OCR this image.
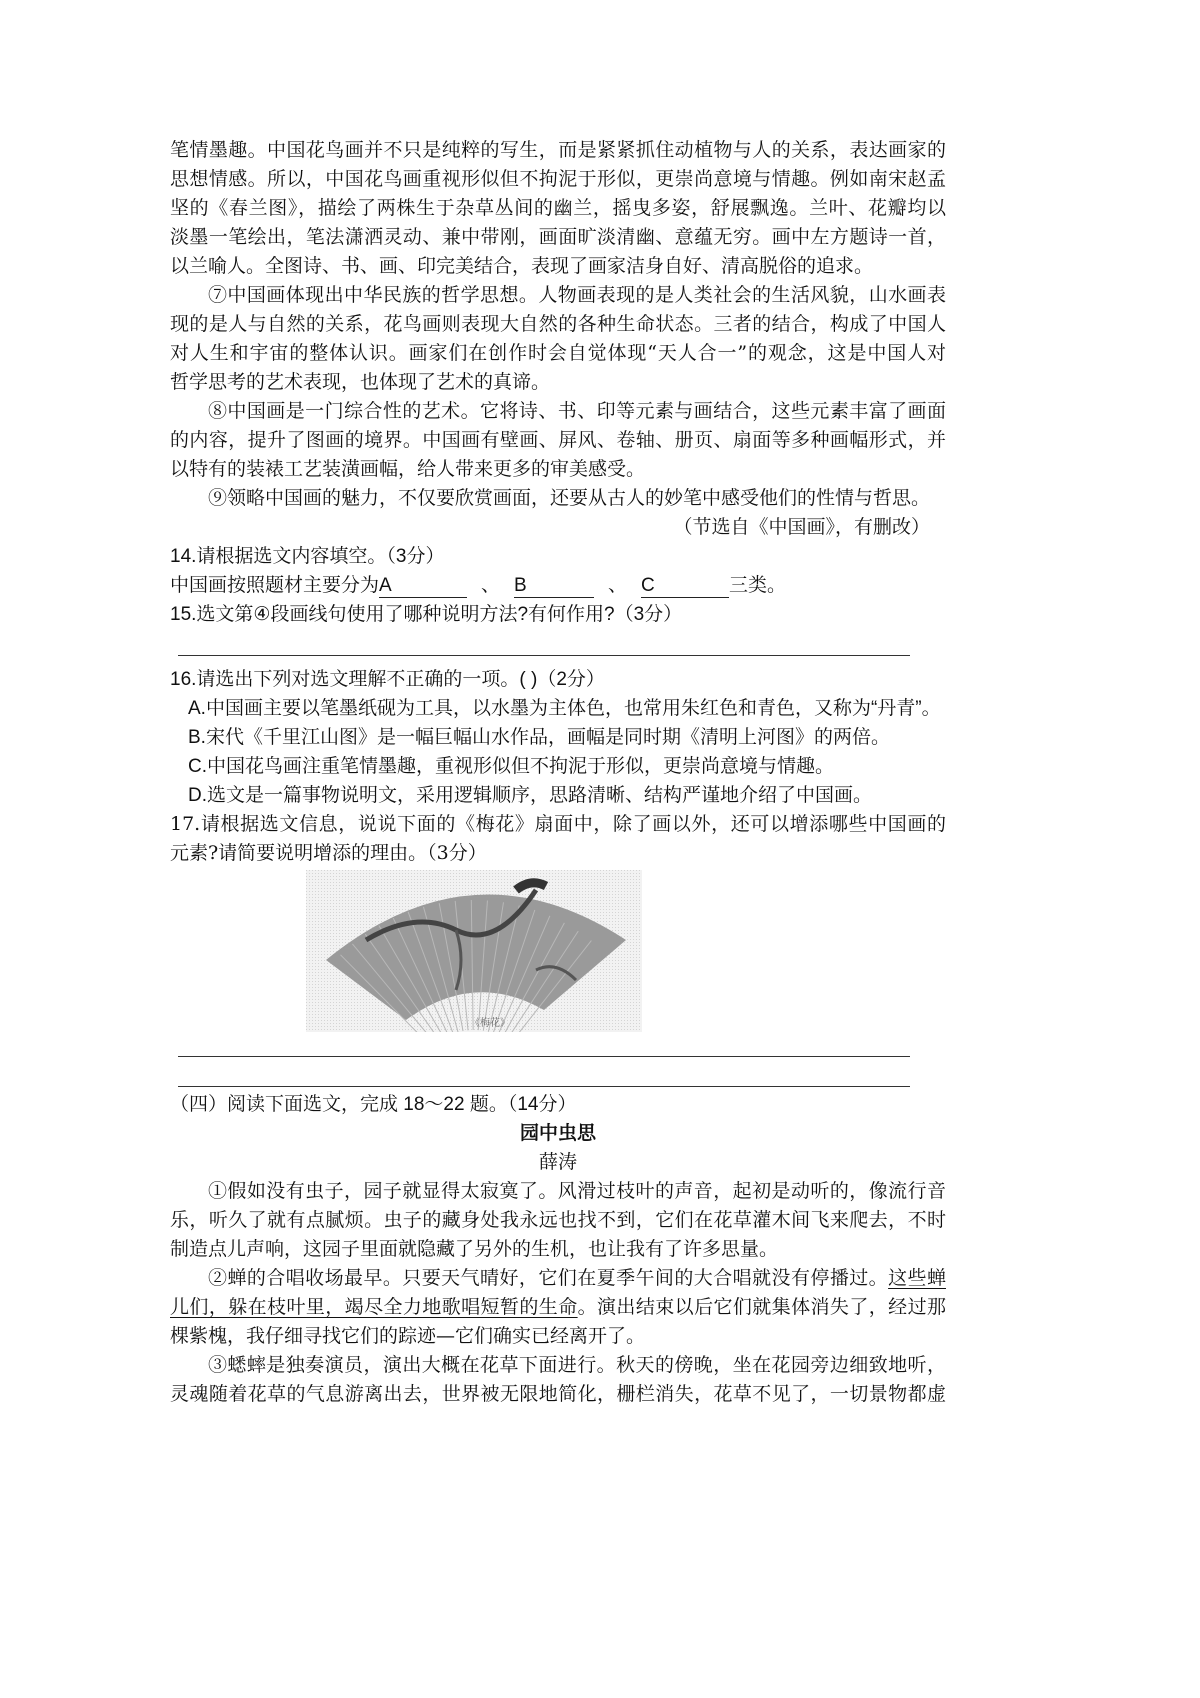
笔情墨趣。中国花鸟画并不只是纯粹的写生，而是紧紧抓住动植物与人的关系，表达画家的
思想情感。所以，中国花鸟画重视形似但不拘泥于形似，更崇尚意境与情趣。例如南宋赵孟
坚的《春兰图》，描绘了两株生于杂草丛间的幽兰，摇曳多姿，舒展飘逸。兰叶、花瓣均以
淡墨一笔绘出，笔法潇洒灵动、兼中带刚，画面旷淡清幽、意蕴无穷。画中左方题诗一首，
以兰喻人。全图诗、书、画、印完美结合，表现了画家洁身自好、清高脱俗的追求。
⑦中国画体现出中华民族的哲学思想。人物画表现的是人类社会的生活风貌，山水画表
现的是人与自然的关系，花鸟画则表现大自然的各种生命状态。三者的结合，构成了中国人
对人生和宇宙的整体认识。画家们在创作时会自觉体现“天人合一”的观念，这是中国人对
哲学思考的艺术表现，也体现了艺术的真谛。
⑧中国画是一门综合性的艺术。它将诗、书、印等元素与画结合，这些元素丰富了画面
的内容，提升了图画的境界。中国画有壁画、屏风、卷轴、册页、扇面等多种画幅形式，并
以特有的装裱工艺装潢画幅，给人带来更多的审美感受。
⑨领略中国画的魅力，不仅要欣赏画面，还要从古人的妙笔中感受他们的性情与哲思。
（节选自《中国画》，有删改）
14.请根据选文内容填空。（3分）
中国画按照题材主要分为A	、 B	、 C	三类。
15.选文第④段画线句使用了哪种说明方法?有何作用?（3分）
16.请选出下列对选文理解不正确的一项。( )（2分）
A.中国画主要以笔墨纸砚为工具，以水墨为主体色，也常用朱红色和青色，又称为“丹青”。
B.宋代《千里江山图》是一幅巨幅山水作品，画幅是同时期《清明上河图》的两倍。
C.中国花鸟画注重笔情墨趣，重视形似但不拘泥于形似，更崇尚意境与情趣。
D.选文是一篇事物说明文，采用逻辑顺序，思路清晰、结构严谨地介绍了中国画。
17.请根据选文信息，说说下面的《梅花》扇面中，除了画以外，还可以增添哪些中国画的
元素?请简要说明增添的理由。（3分）
《梅花》
（四）阅读下面选文，完成 18～22 题。（14分）
园中虫思
薛涛
①假如没有虫子，园子就显得太寂寞了。风滑过枝叶的声音，起初是动听的，像流行音
乐，听久了就有点腻烦。虫子的藏身处我永远也找不到，它们在花草灌木间飞来爬去，不时
制造点儿声响，这园子里面就隐藏了另外的生机，也让我有了许多思量。
②蝉的合唱收场最早。只要天气晴好，它们在夏季午间的大合唱就没有停播过。这些蝉
儿们，躲在枝叶里，竭尽全力地歌唱短暂的生命。演出结束以后它们就集体消失了，经过那
棵紫槐，我仔细寻找它们的踪迹—它们确实已经离开了。
③蟋蟀是独奏演员，演出大概在花草下面进行。秋天的傍晚，坐在花园旁边细致地听，
灵魂随着花草的气息游离出去，世界被无限地简化，栅栏消失，花草不见了，一切景物都虚
